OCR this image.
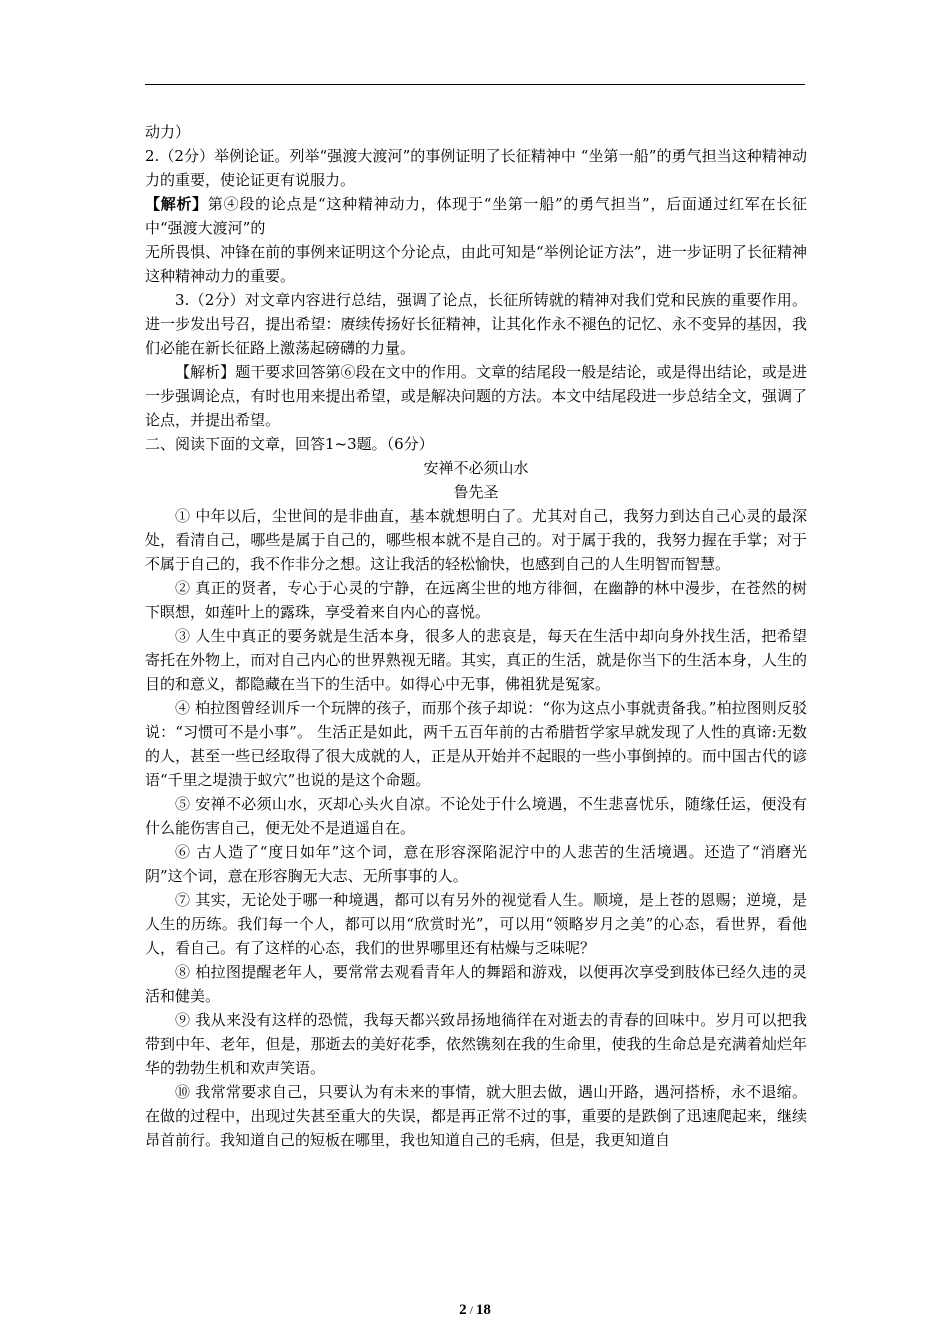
动力）

2.（2分）举例论证。列举“强渡大渡河”的事例证明了长征精神中 “坐第一船”的勇气担当这种精神动力的重要，使论证更有说服力。

【解析】第④段的论点是“这种精神动力，体现于“坐第一船”的勇气担当”，后面通过红军在长征中“强渡大渡河”的

无所畏惧、冲锋在前的事例来证明这个分论点，由此可知是“举例论证方法”，进一步证明了长征精神这种精神动力的重要。

3.（2分）对文章内容进行总结，强调了论点，长征所铸就的精神对我们党和民族的重要作用。进一步发出号召，提出希望：赓续传扬好长征精神，让其化作永不褪色的记忆、永不变异的基因，我们必能在新长征路上激荡起磅礴的力量。

【解析】题干要求回答第⑥段在文中的作用。文章的结尾段一般是结论，或是得出结论，或是进一步强调论点，有时也用来提出希望，或是解决问题的方法。本文中结尾段进一步总结全文，强调了论点，并提出希望。

二、阅读下面的文章，回答1~3题。（6分）

安禅不必须山水

鲁先圣

① 中年以后，尘世间的是非曲直，基本就想明白了。尤其对自己，我努力到达自己心灵的最深处，看清自己，哪些是属于自己的，哪些根本就不是自己的。对于属于我的，我努力握在手掌；对于不属于自己的，我不作非分之想。这让我活的轻松愉快，也感到自己的人生明智而智慧。

② 真正的贤者，专心于心灵的宁静，在远离尘世的地方徘徊，在幽静的林中漫步，在苍然的树下瞑想，如莲叶上的露珠，享受着来自内心的喜悦。

③ 人生中真正的要务就是生活本身，很多人的悲哀是，每天在生活中却向身外找生活，把希望寄托在外物上，而对自己内心的世界熟视无睹。其实，真正的生活，就是你当下的生活本身，人生的目的和意义，都隐藏在当下的生活中。如得心中无事，佛祖犹是冤家。

④ 柏拉图曾经训斥一个玩牌的孩子，而那个孩子却说：“你为这点小事就责备我。”柏拉图则反驳说：“习惯可不是小事”。 生活正是如此，两千五百年前的古希腊哲学家早就发现了人性的真谛:无数的人，甚至一些已经取得了很大成就的人，正是从开始并不起眼的一些小事倒掉的。而中国古代的谚语“千里之堤溃于蚁穴”也说的是这个命题。

⑤ 安禅不必须山水，灭却心头火自凉。不论处于什么境遇，不生悲喜忧乐，随缘任运，便没有什么能伤害自己，便无处不是逍遥自在。

⑥ 古人造了“度日如年”这个词，意在形容深陷泥泞中的人悲苦的生活境遇。还造了“消磨光阴”这个词，意在形容胸无大志、无所事事的人。

⑦ 其实，无论处于哪一种境遇，都可以有另外的视觉看人生。顺境，是上苍的恩赐；逆境，是人生的历练。我们每一个人，都可以用“欣赏时光”，可以用“领略岁月之美”的心态，看世界，看他人，看自己。有了这样的心态，我们的世界哪里还有枯燥与乏味呢？

⑧ 柏拉图提醒老年人，要常常去观看青年人的舞蹈和游戏，以便再次享受到肢体已经久违的灵活和健美。

⑨ 我从来没有这样的恐慌，我每天都兴致昂扬地徜徉在对逝去的青春的回味中。岁月可以把我带到中年、老年，但是，那逝去的美好花季，依然镌刻在我的生命里，使我的生命总是充满着灿烂年华的勃勃生机和欢声笑语。

⑩ 我常常要求自己，只要认为有未来的事情，就大胆去做，遇山开路，遇河搭桥，永不退缩。 在做的过程中，出现过失甚至重大的失误，都是再正常不过的事，重要的是跌倒了迅速爬起来，继续昂首前行。我知道自己的短板在哪里，我也知道自己的毛病，但是，我更知道自

2 / 18
